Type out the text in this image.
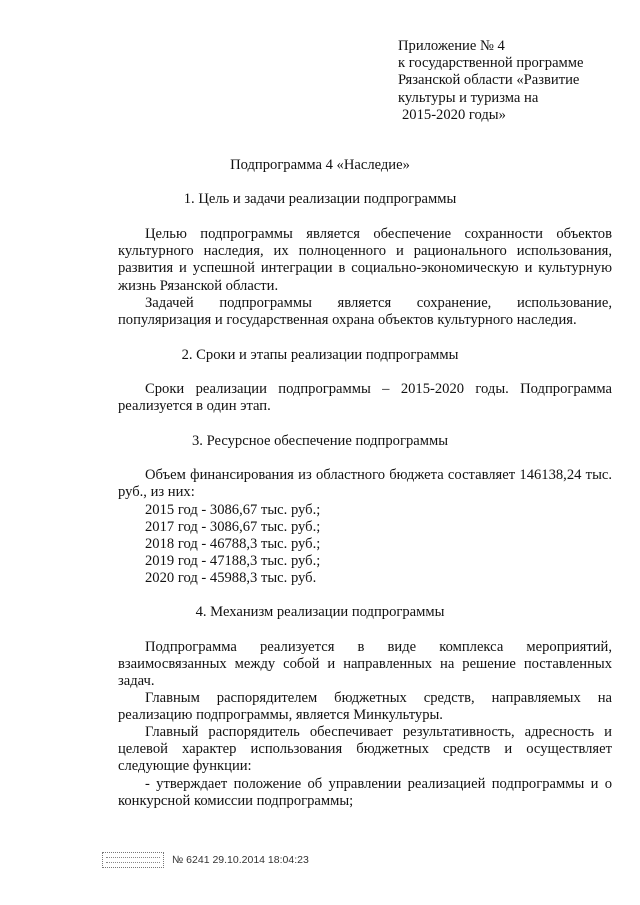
Приложение № 4
к государственной программе
Рязанской области «Развитие
культуры и туризма на
2015-2020 годы»
Подпрограмма 4 «Наследие»
1. Цель и задачи реализации подпрограммы
Целью подпрограммы является обеспечение сохранности объектов культурного наследия, их полноценного и рационального использования, развития и успешной интеграции в социально-экономическую и культурную жизнь Рязанской области.
Задачей подпрограммы является сохранение, использование, популяризация и государственная охрана объектов культурного наследия.
2. Сроки и этапы реализации подпрограммы
Сроки реализации подпрограммы – 2015-2020 годы. Подпрограмма реализуется в один этап.
3. Ресурсное обеспечение подпрограммы
Объем финансирования из областного бюджета составляет 146138,24 тыс. руб., из них:
2015 год - 3086,67 тыс. руб.;
2017 год - 3086,67 тыс. руб.;
2018 год - 46788,3 тыс. руб.;
2019 год - 47188,3 тыс. руб.;
2020 год - 45988,3 тыс. руб.
4. Механизм реализации подпрограммы
Подпрограмма реализуется в виде комплекса мероприятий, взаимосвязанных между собой и направленных на решение поставленных задач.
Главным распорядителем бюджетных средств, направляемых на реализацию подпрограммы, является Минкультуры.
Главный распорядитель обеспечивает результативность, адресность и целевой характер использования бюджетных средств и осуществляет следующие функции:
- утверждает положение об управлении реализацией подпрограммы и о конкурсной комиссии подпрограммы;
№ 6241 29.10.2014 18:04:23
